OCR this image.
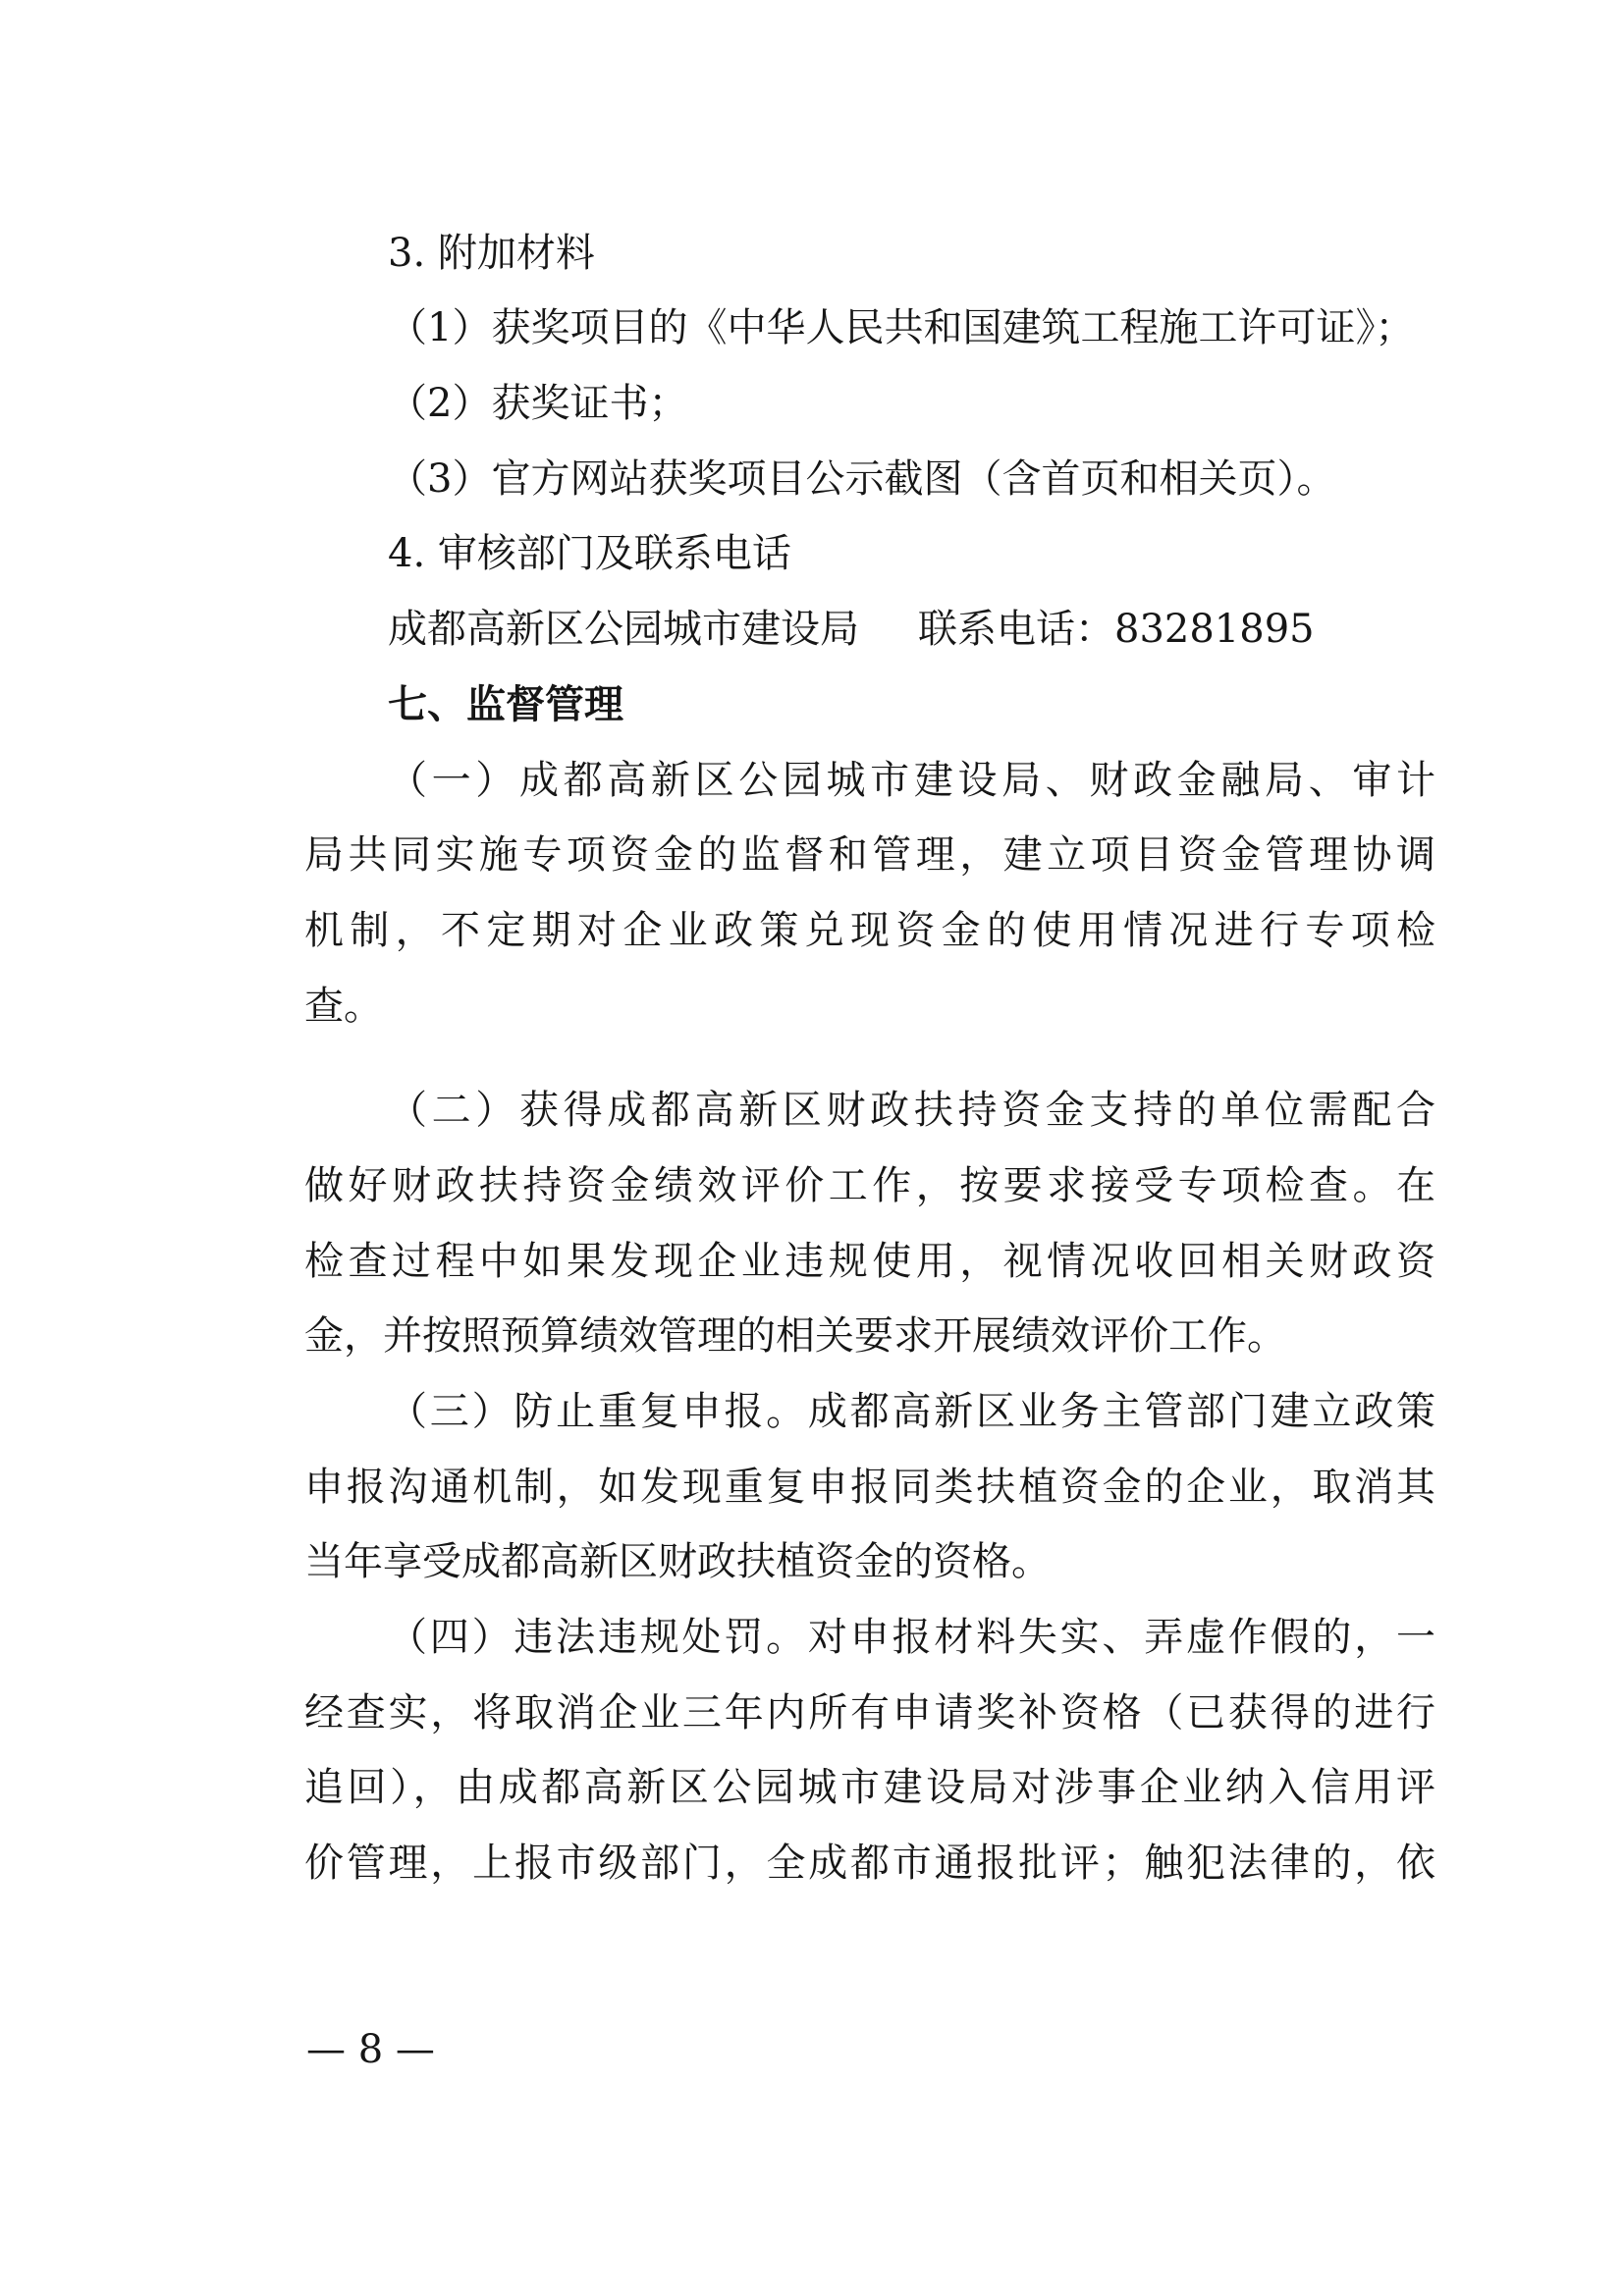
3. 附加材料
（1）获奖项目的《中华人民共和国建筑工程施工许可证》；
（2）获奖证书；
（3）官方网站获奖项目公示截图（含首页和相关页）。
4. 审核部门及联系电话
成都高新区公园城市建设局 联系电话：83281895
七、监督管理
（一）成都高新区公园城市建设局、财政金融局、审计
局共同实施专项资金的监督和管理，建立项目资金管理协调
机制，不定期对企业政策兑现资金的使用情况进行专项检
查。
（二）获得成都高新区财政扶持资金支持的单位需配合
做好财政扶持资金绩效评价工作，按要求接受专项检查。在
检查过程中如果发现企业违规使用，视情况收回相关财政资
金，并按照预算绩效管理的相关要求开展绩效评价工作。
（三）防止重复申报。成都高新区业务主管部门建立政策
申报沟通机制，如发现重复申报同类扶植资金的企业，取消其
当年享受成都高新区财政扶植资金的资格。
（四）违法违规处罚。对申报材料失实、弄虚作假的，一
经查实，将取消企业三年内所有申请奖补资格（已获得的进行
追回），由成都高新区公园城市建设局对涉事企业纳入信用评
价管理，上报市级部门，全成都市通报批评；触犯法律的，依
— 8 —
